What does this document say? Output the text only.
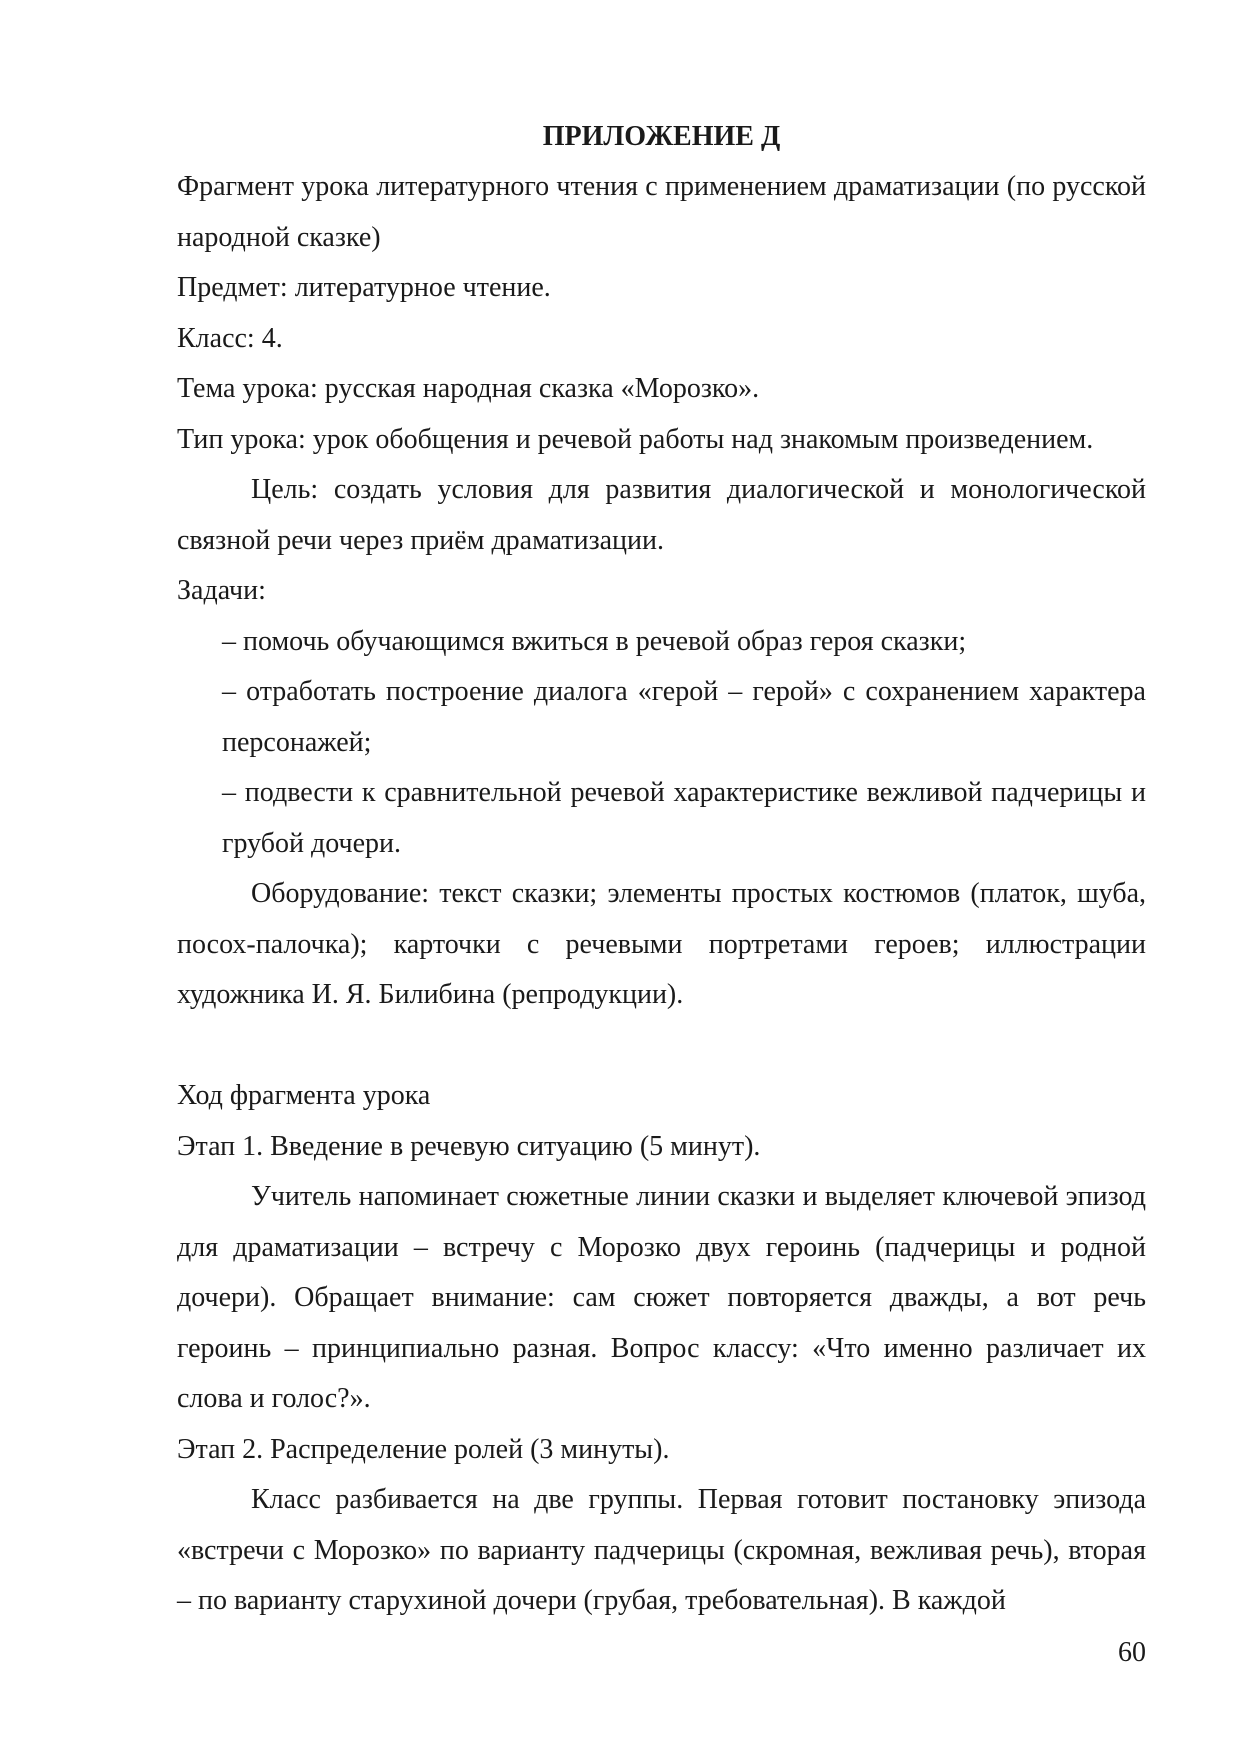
ПРИЛОЖЕНИЕ Д

Фрагмент урока литературного чтения с применением драматизации (по русской народной сказке)

Предмет: литературное чтение.

Класс: 4.

Тема урока: русская народная сказка «Морозко».

Тип урока: урок обобщения и речевой работы над знакомым произведением.

Цель: создать условия для развития диалогической и монологической связной речи через приём драматизации.

Задачи:

– помочь обучающимся вжиться в речевой образ героя сказки;

– отработать построение диалога «герой – герой» с сохранением характера персонажей;

– подвести к сравнительной речевой характеристике вежливой падчерицы и грубой дочери.

Оборудование: текст сказки; элементы простых костюмов (платок, шуба, посох-палочка); карточки с речевыми портретами героев; иллюстрации художника И. Я. Билибина (репродукции).

Ход фрагмента урока

Этап 1. Введение в речевую ситуацию (5 минут).

Учитель напоминает сюжетные линии сказки и выделяет ключевой эпизод для драматизации – встречу с Морозко двух героинь (падчерицы и родной дочери). Обращает внимание: сам сюжет повторяется дважды, а вот речь героинь – принципиально разная. Вопрос классу: «Что именно различает их слова и голос?».

Этап 2. Распределение ролей (3 минуты).

Класс разбивается на две группы. Первая готовит постановку эпизода «встречи с Морозко» по варианту падчерицы (скромная, вежливая речь), вторая – по варианту старухиной дочери (грубая, требовательная). В каждой

60
